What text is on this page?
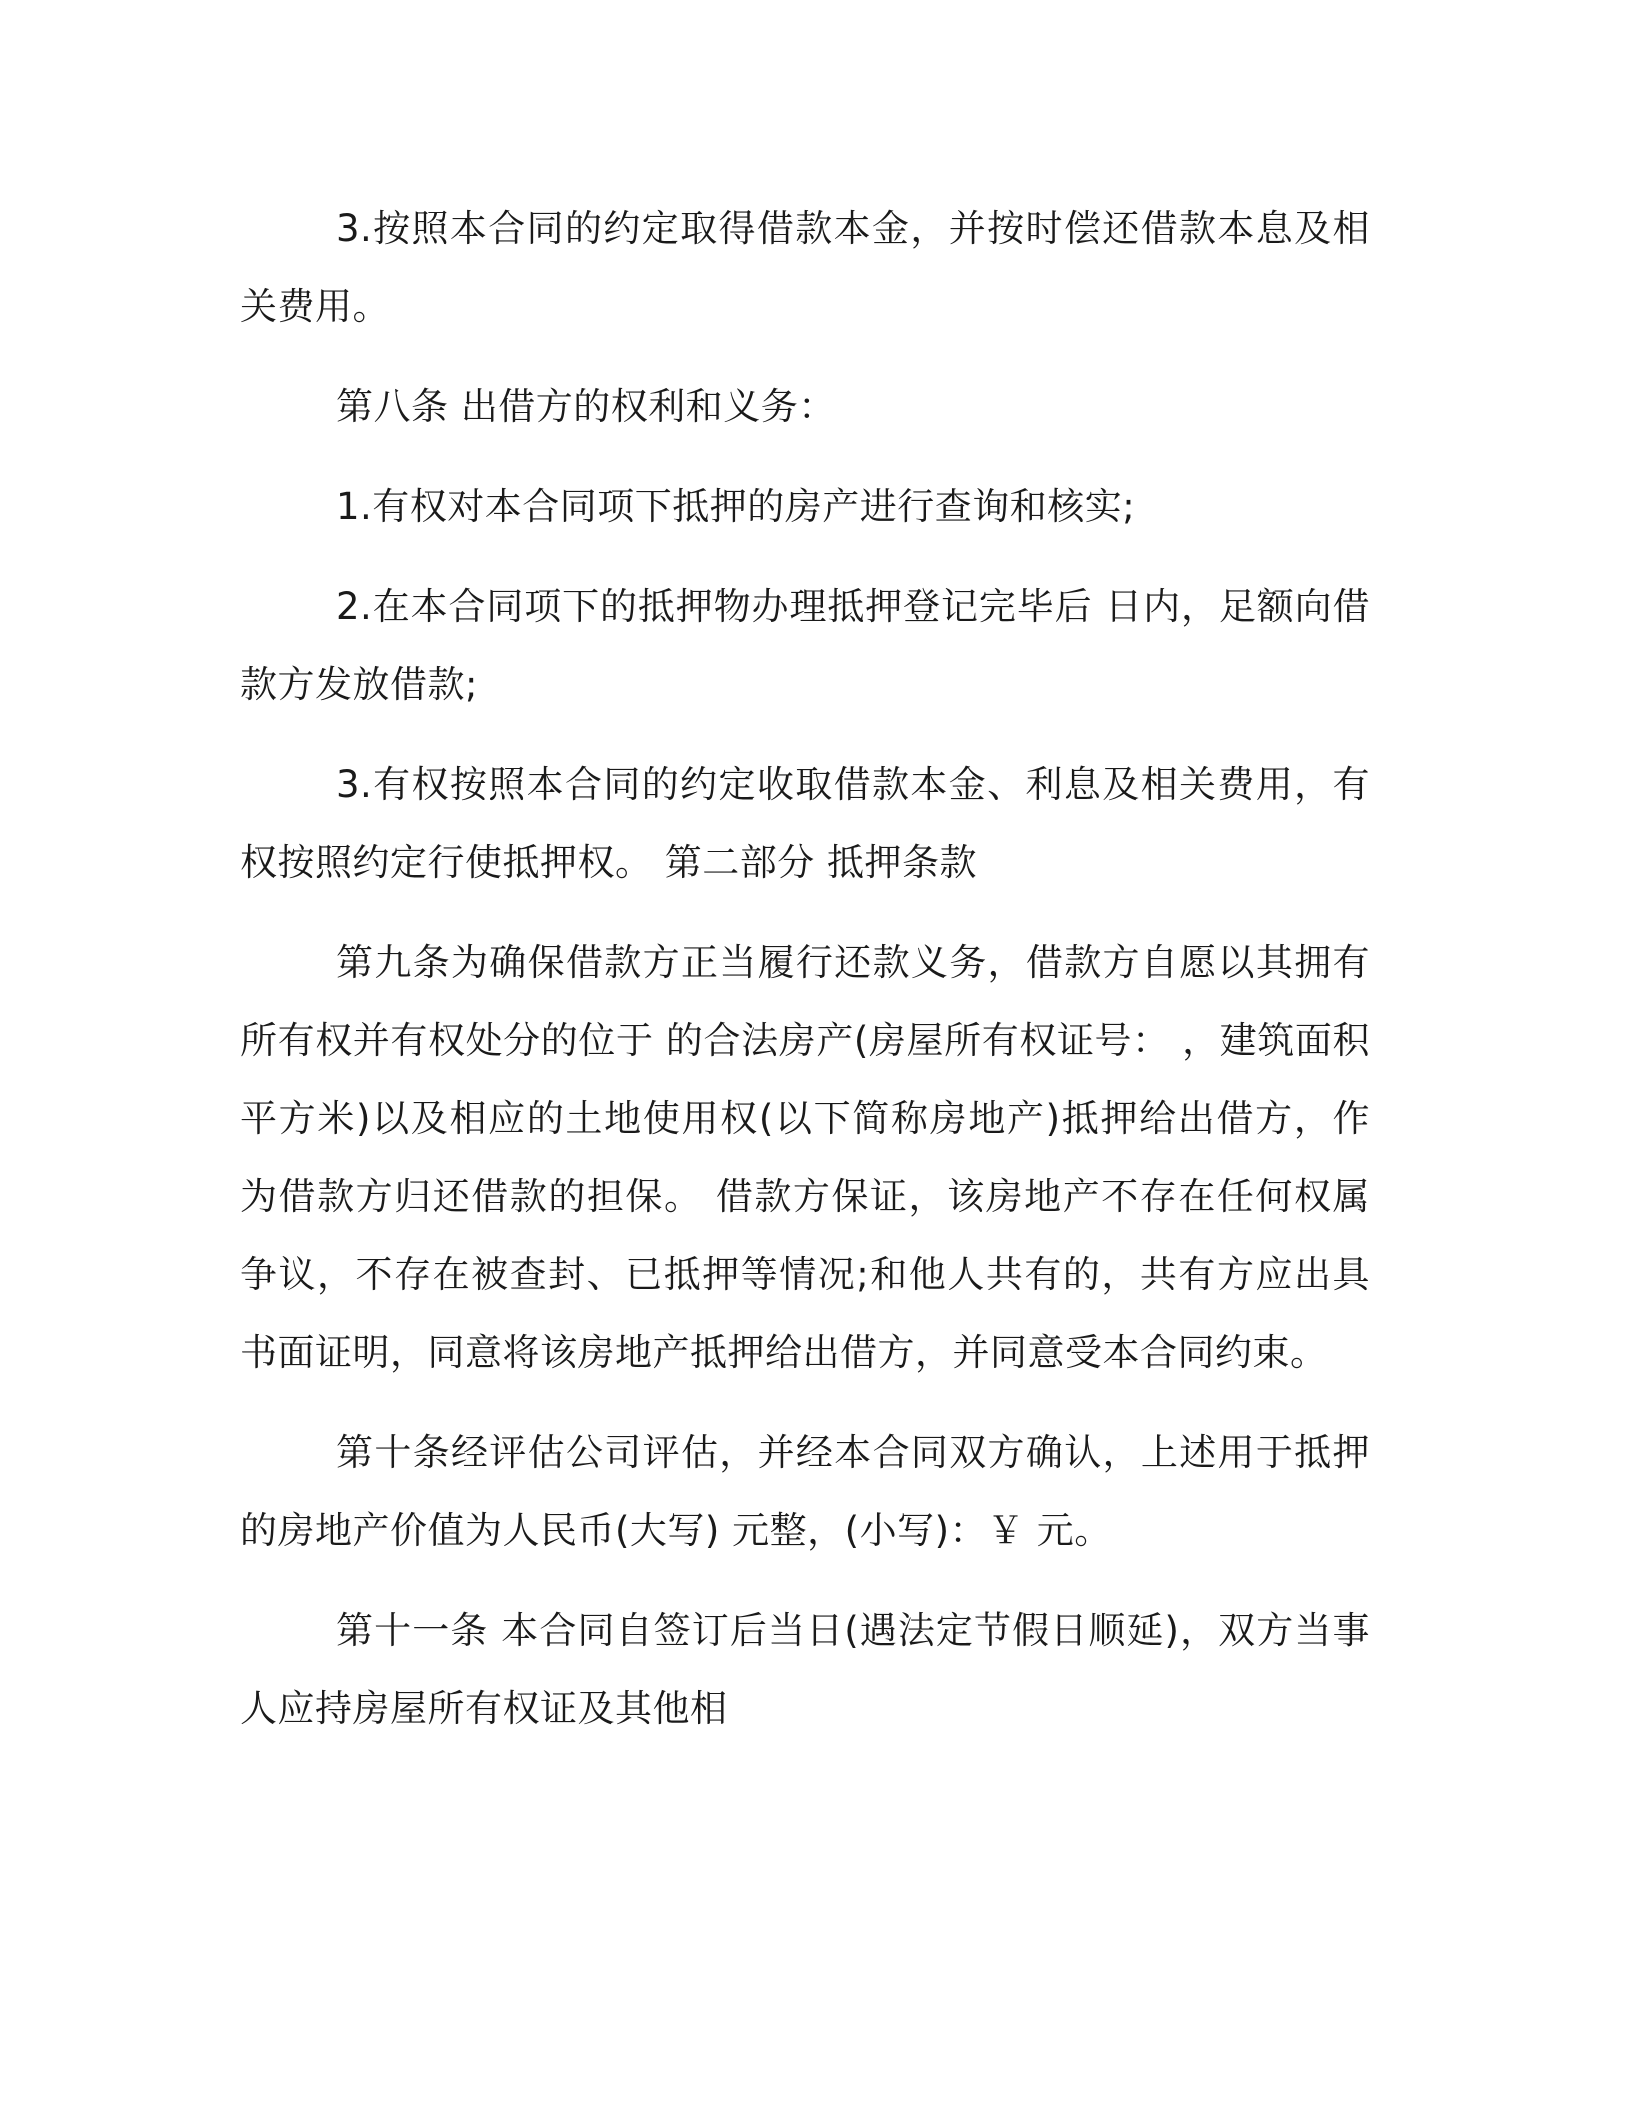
3.按照本合同的约定取得借款本金，并按时偿还借款本息及相关费用。

第八条 出借方的权利和义务：

1.有权对本合同项下抵押的房产进行查询和核实;

2.在本合同项下的抵押物办理抵押登记完毕后 日内，足额向借款方发放借款;

3.有权按照本合同的约定收取借款本金、利息及相关费用，有权按照约定行使抵押权。 第二部分 抵押条款

第九条为确保借款方正当履行还款义务，借款方自愿以其拥有所有权并有权处分的位于 的合法房产(房屋所有权证号： ，建筑面积 平方米)以及相应的土地使用权(以下简称房地产)抵押给出借方，作为借款方归还借款的担保。 借款方保证，该房地产不存在任何权属争议，不存在被查封、已抵押等情况;和他人共有的，共有方应出具书面证明，同意将该房地产抵押给出借方，并同意受本合同约束。

第十条经评估公司评估，并经本合同双方确认，上述用于抵押的房地产价值为人民币(大写) 元整，(小写)：￥ 元。

第十一条 本合同自签订后当日(遇法定节假日顺延)，双方当事人应持房屋所有权证及其他相
